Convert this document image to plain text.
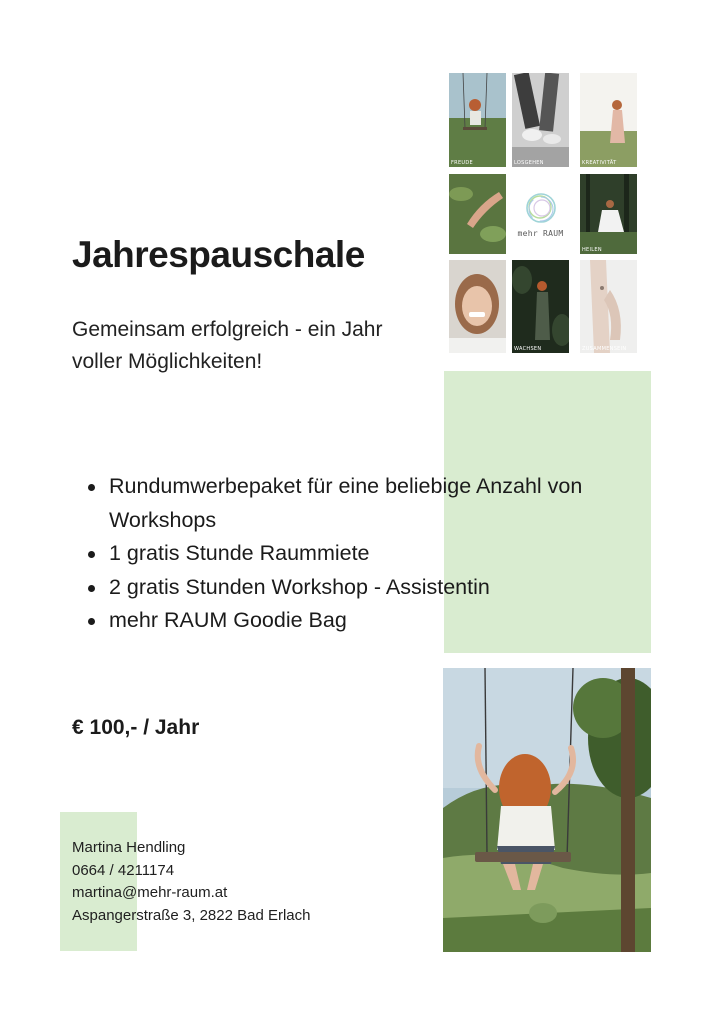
FREUDE	LOSGEHEN	KREATIVITÄT
mehr RAUM
HEILEN
WACHSEN	ZUSAMMENSEIN
Jahrespauschale

Gemeinsam erfolgreich - ein Jahr voller Möglichkeiten!

Rundumwerbepaket für eine beliebige Anzahl von Workshops
1 gratis Stunde Raummiete
2 gratis Stunden Workshop - Assistentin
mehr RAUM Goodie Bag

€ 100,- / Jahr

Martina Hendling
0664 / 4211174
martina@mehr-raum.at
Aspangerstraße 3, 2822 Bad Erlach
